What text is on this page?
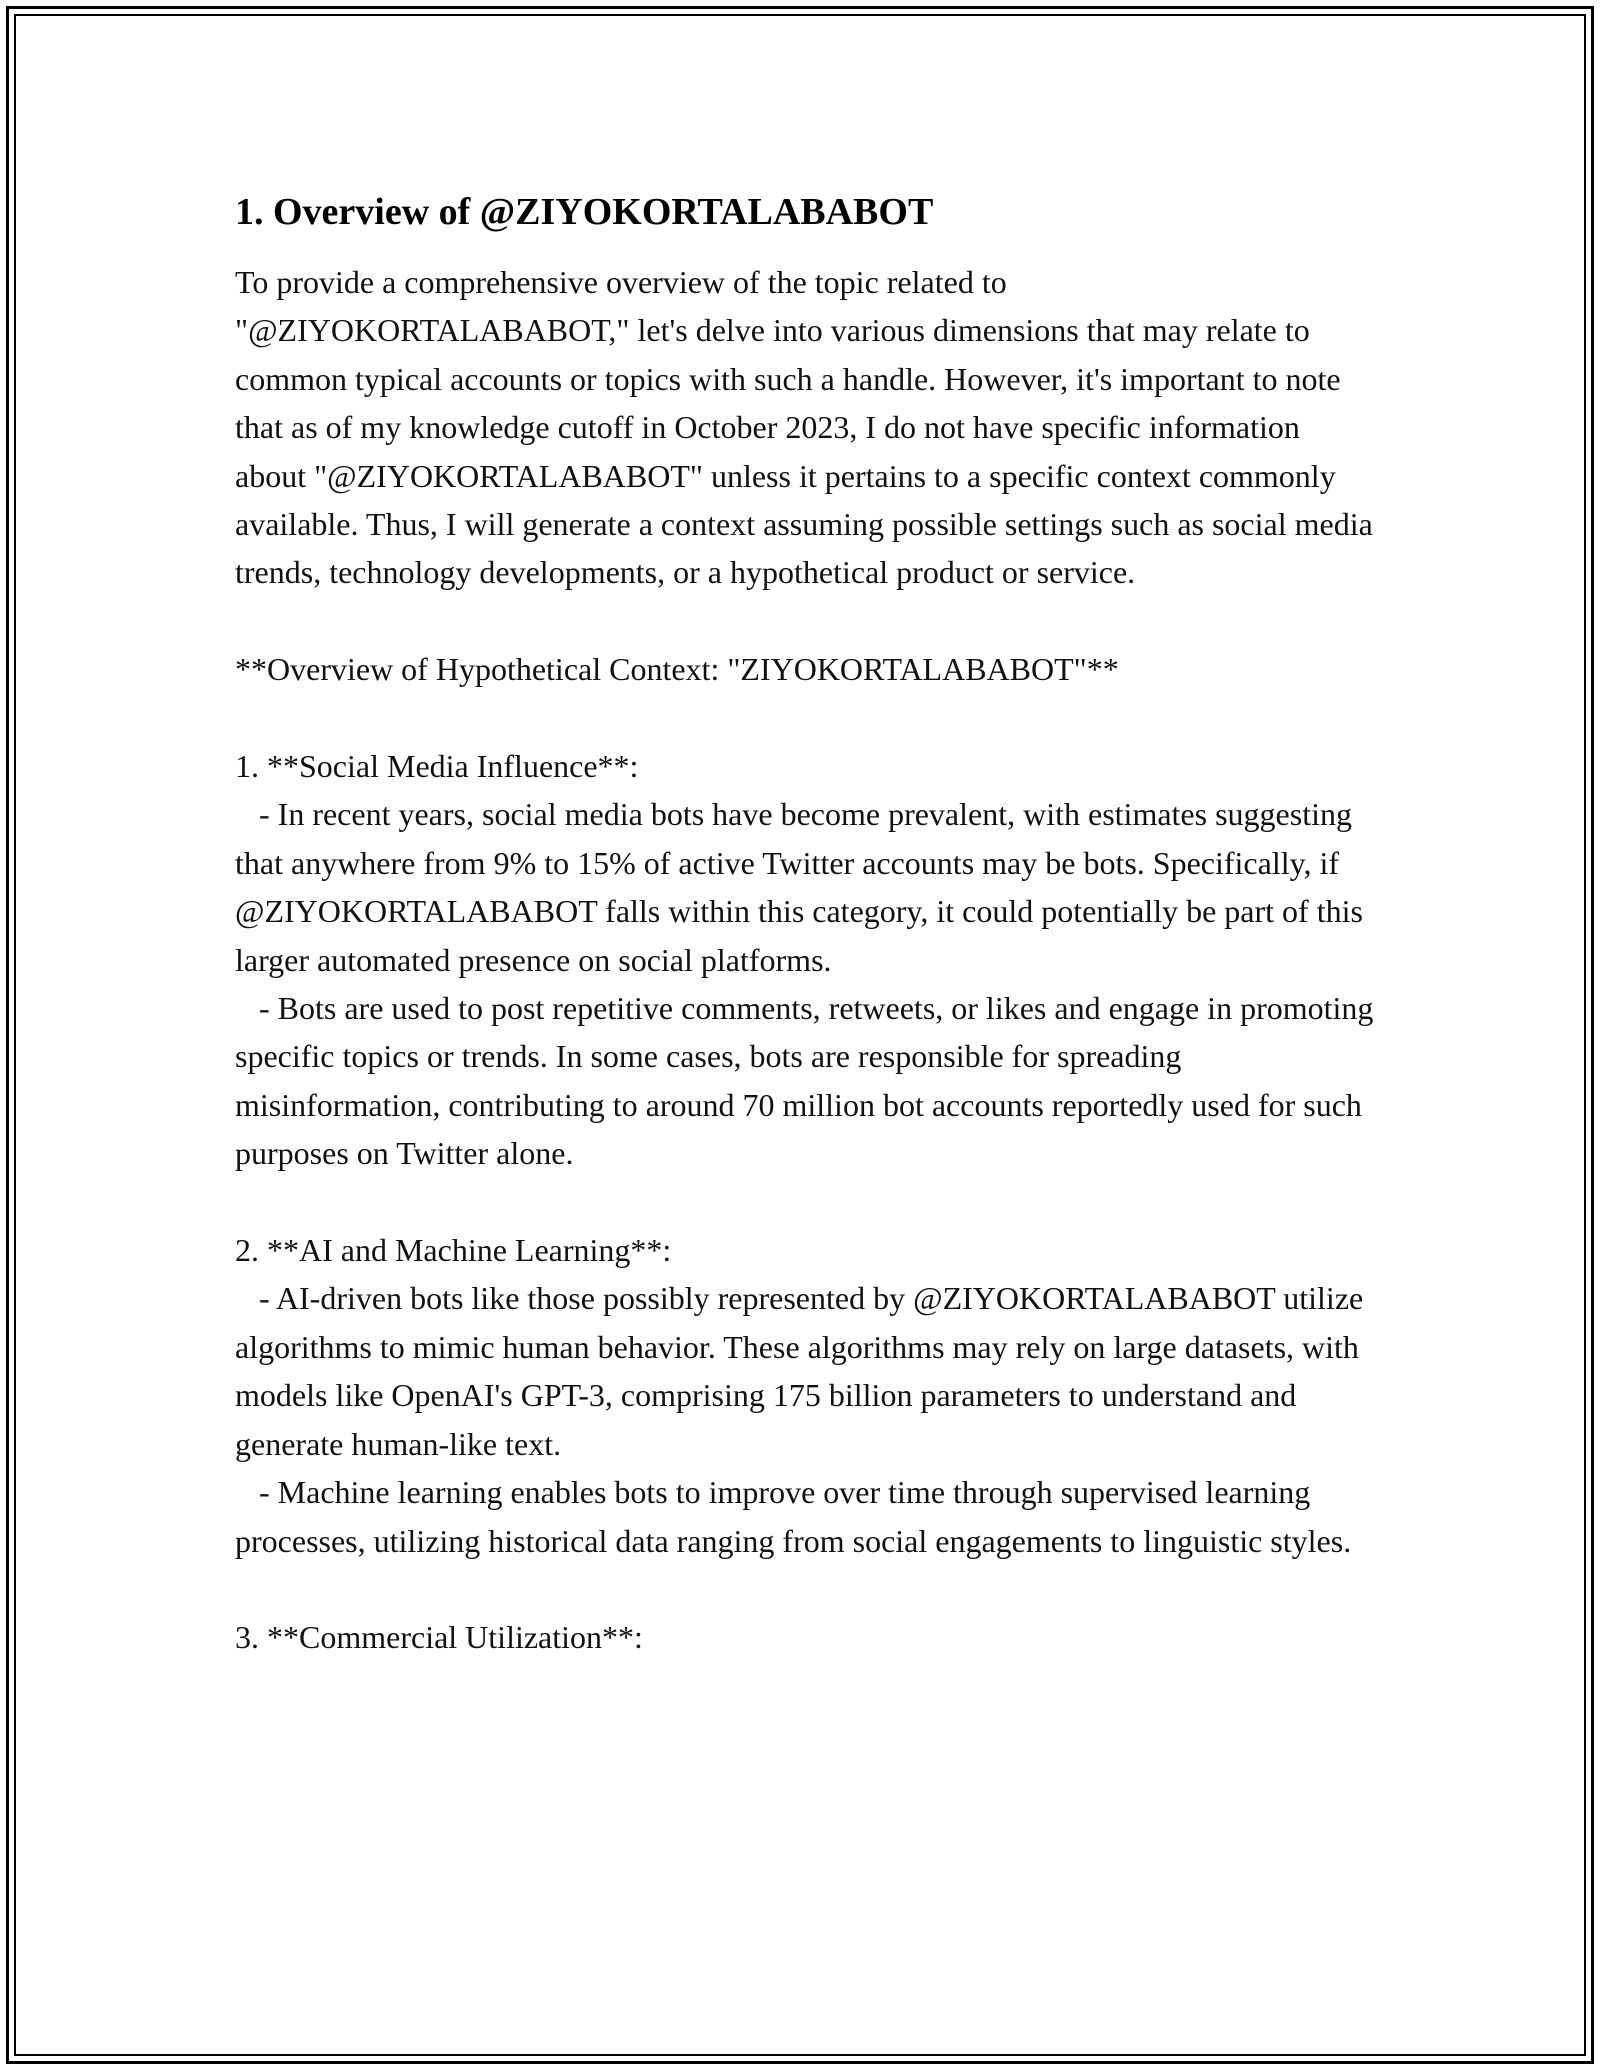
1. Overview of @ZIYOKORTALABABOT

To provide a comprehensive overview of the topic related to "@ZIYOKORTALABABOT," let's delve into various dimensions that may relate to common typical accounts or topics with such a handle. However, it's important to note that as of my knowledge cutoff in October 2023, I do not have specific information about "@ZIYOKORTALABABOT" unless it pertains to a specific context commonly available. Thus, I will generate a context assuming possible settings such as social media trends, technology developments, or a hypothetical product or service.

**Overview of Hypothetical Context: "ZIYOKORTALABABOT"**

1. **Social Media Influence**:
- In recent years, social media bots have become prevalent, with estimates suggesting that anywhere from 9% to 15% of active Twitter accounts may be bots. Specifically, if @ZIYOKORTALABABOT falls within this category, it could potentially be part of this larger automated presence on social platforms.
- Bots are used to post repetitive comments, retweets, or likes and engage in promoting specific topics or trends. In some cases, bots are responsible for spreading misinformation, contributing to around 70 million bot accounts reportedly used for such purposes on Twitter alone.

2. **AI and Machine Learning**:
- AI-driven bots like those possibly represented by @ZIYOKORTALABABOT utilize algorithms to mimic human behavior. These algorithms may rely on large datasets, with models like OpenAI's GPT-3, comprising 175 billion parameters to understand and generate human-like text.
- Machine learning enables bots to improve over time through supervised learning processes, utilizing historical data ranging from social engagements to linguistic styles.

3. **Commercial Utilization**:
